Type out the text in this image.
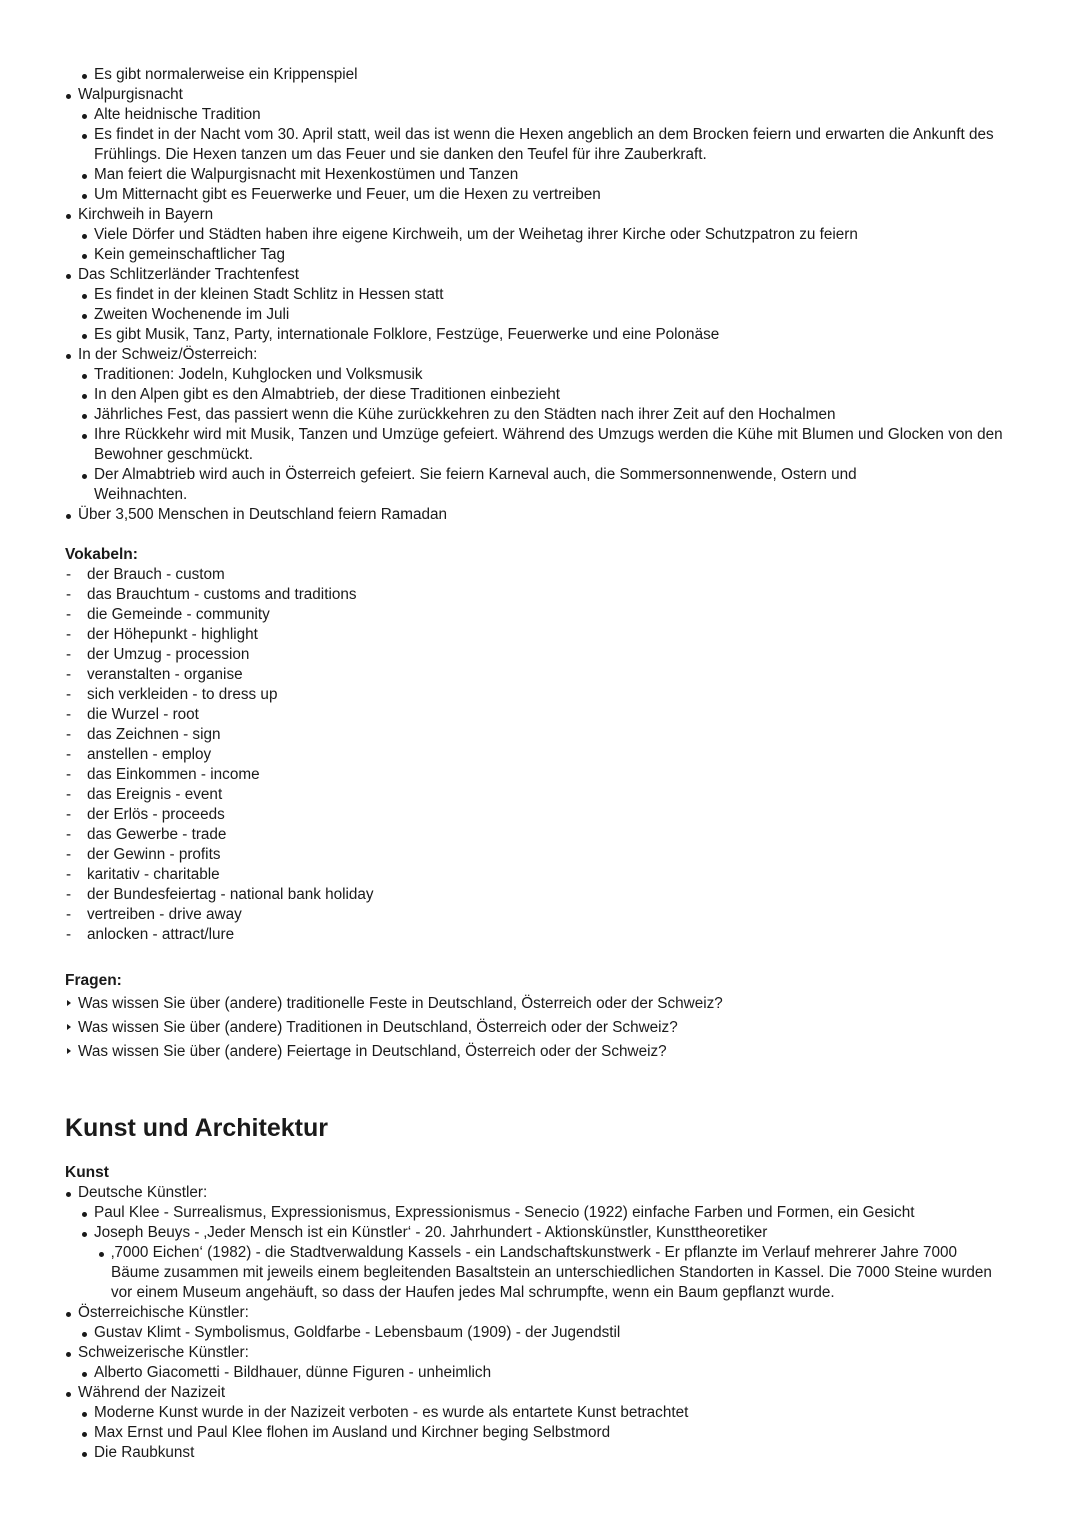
Es gibt normalerweise ein Krippenspiel
Walpurgisnacht
Alte heidnische Tradition
Es findet in der Nacht vom 30. April statt, weil das ist wenn die Hexen angeblich an dem Brocken feiern und erwarten die Ankunft des Frühlings. Die Hexen tanzen um das Feuer und sie danken den Teufel für ihre Zauberkraft.
Man feiert die Walpurgisnacht mit Hexenkostümen und Tanzen
Um Mitternacht gibt es Feuerwerke und Feuer, um die Hexen zu vertreiben
Kirchweih in Bayern
Viele Dörfer und Städten haben ihre eigene Kirchweih, um der Weihetag ihrer Kirche oder Schutzpatron zu feiern
Kein gemeinschaftlicher Tag
Das Schlitzerländer Trachtenfest
Es findet in der kleinen Stadt Schlitz in Hessen statt
Zweiten Wochenende im Juli
Es gibt Musik, Tanz, Party, internationale Folklore, Festzüge, Feuerwerke und eine Polonäse
In der Schweiz/Österreich:
Traditionen: Jodeln, Kuhglocken und Volksmusik
In den Alpen gibt es den Almabtrieb, der diese Traditionen einbezieht
Jährliches Fest, das passiert wenn die Kühe zurückkehren zu den Städten nach ihrer Zeit auf den Hochalmen
Ihre Rückkehr wird mit Musik, Tanzen und Umzüge gefeiert. Während des Umzugs werden die Kühe mit Blumen und Glocken von den Bewohner geschmückt.
Der Almabtrieb wird auch in Österreich gefeiert. Sie feiern Karneval auch, die Sommersonnenwende, Ostern und Weihnachten.
Über 3,500 Menschen in Deutschland feiern Ramadan
Vokabeln:
- der Brauch - custom
- das Brauchtum - customs and traditions
- die Gemeinde - community
- der Höhepunkt - highlight
- der Umzug - procession
- veranstalten - organise
- sich verkleiden - to dress up
- die Wurzel - root
- das Zeichnen - sign
- anstellen - employ
- das Einkommen - income
- das Ereignis - event
- der Erlös - proceeds
- das Gewerbe - trade
- der Gewinn - profits
- karitativ - charitable
- der Bundesfeiertag - national bank holiday
- vertreiben - drive away
- anlocken - attract/lure
Fragen:
Was wissen Sie über (andere) traditionelle Feste in Deutschland, Österreich oder der Schweiz?
Was wissen Sie über (andere) Traditionen in Deutschland, Österreich oder der Schweiz?
Was wissen Sie über (andere) Feiertage in Deutschland, Österreich oder der Schweiz?
Kunst und Architektur
Kunst
Deutsche Künstler:
Paul Klee - Surrealismus, Expressionismus, Expressionismus - Senecio (1922) einfache Farben und Formen, ein Gesicht
Joseph Beuys - ‚Jeder Mensch ist ein Künstler‘ - 20. Jahrhundert - Aktionskünstler, Kunsttheoretiker
‚7000 Eichen‘ (1982) - die Stadtverwaldung Kassels - ein Landschaftskunstwerk - Er pflanzte im Verlauf mehrerer Jahre 7000 Bäume zusammen mit jeweils einem begleitenden Basaltstein an unterschiedlichen Standorten in Kassel. Die 7000 Steine wurden vor einem Museum angehäuft, so dass der Haufen jedes Mal schrumpfte, wenn ein Baum gepflanzt wurde.
Österreichische Künstler:
Gustav Klimt - Symbolismus, Goldfarbe - Lebensbaum (1909) - der Jugendstil
Schweizerische Künstler:
Alberto Giacometti - Bildhauer, dünne Figuren - unheimlich
Während der Nazizeit
Moderne Kunst wurde in der Nazizeit verboten - es wurde als entartete Kunst betrachtet
Max Ernst und Paul Klee flohen im Ausland und Kirchner beging Selbstmord
Die Raubkunst
